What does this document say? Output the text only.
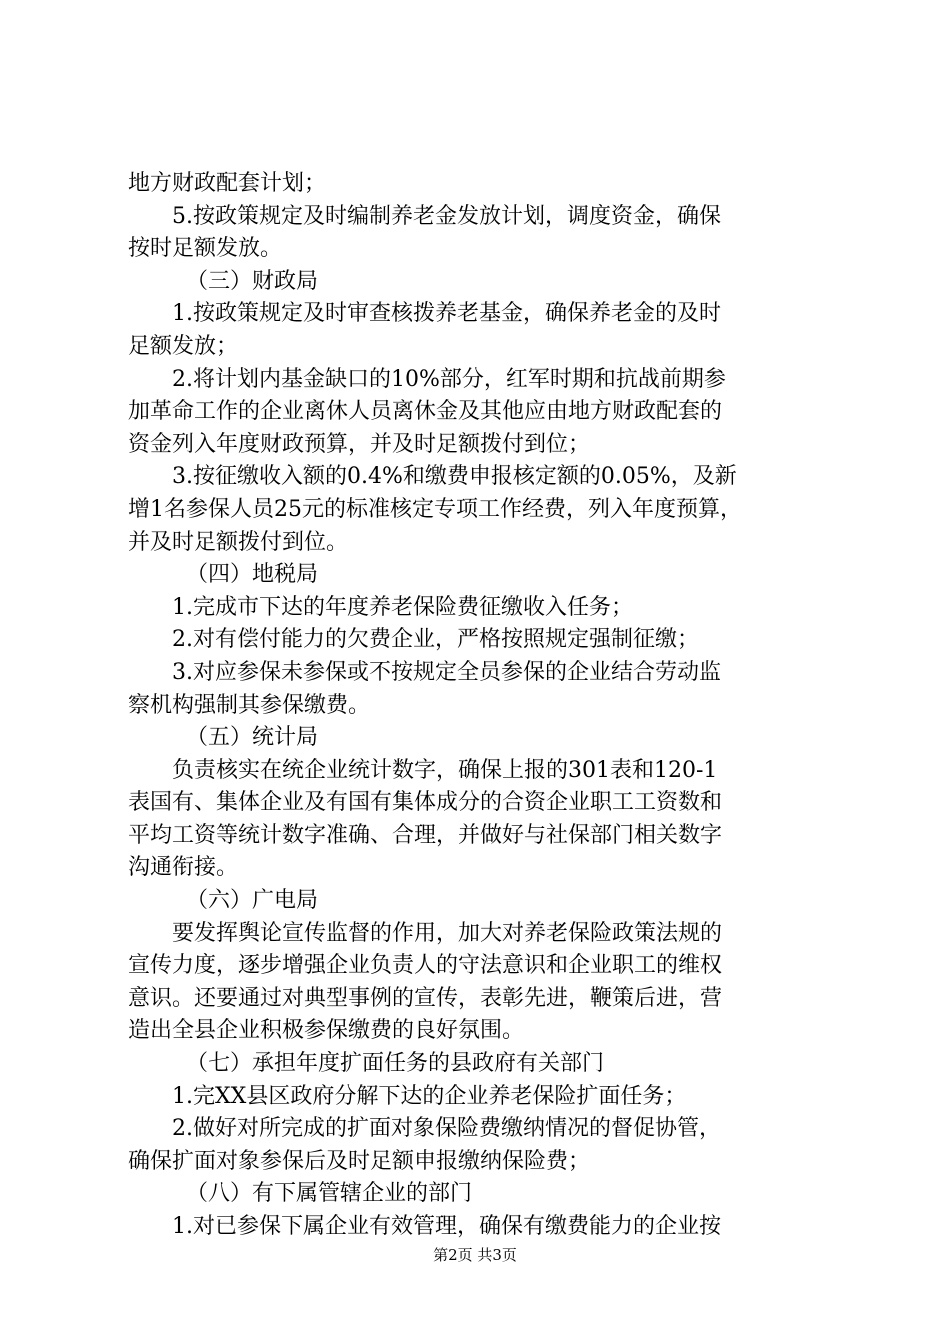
地方财政配套计划；
5.按政策规定及时编制养老金发放计划，调度资金，确保
按时足额发放。
（三）财政局
1.按政策规定及时审查核拨养老基金，确保养老金的及时
足额发放；
2.将计划内基金缺口的10%部分，红军时期和抗战前期参
加革命工作的企业离休人员离休金及其他应由地方财政配套的
资金列入年度财政预算，并及时足额拨付到位；
3.按征缴收入额的0.4%和缴费申报核定额的0.05%，及新
增1名参保人员25元的标准核定专项工作经费，列入年度预算，
并及时足额拨付到位。
（四）地税局
1.完成市下达的年度养老保险费征缴收入任务；
2.对有偿付能力的欠费企业，严格按照规定强制征缴；
3.对应参保未参保或不按规定全员参保的企业结合劳动监
察机构强制其参保缴费。
（五）统计局
负责核实在统企业统计数字，确保上报的301表和120-1
表国有、集体企业及有国有集体成分的合资企业职工工资数和
平均工资等统计数字准确、合理，并做好与社保部门相关数字
沟通衔接。
（六）广电局
要发挥舆论宣传监督的作用，加大对养老保险政策法规的
宣传力度，逐步增强企业负责人的守法意识和企业职工的维权
意识。还要通过对典型事例的宣传，表彰先进，鞭策后进，营
造出全县企业积极参保缴费的良好氛围。
（七）承担年度扩面任务的县政府有关部门
1.完XX县区政府分解下达的企业养老保险扩面任务；
2.做好对所完成的扩面对象保险费缴纳情况的督促协管，
确保扩面对象参保后及时足额申报缴纳保险费；
（八）有下属管辖企业的部门
1.对已参保下属企业有效管理，确保有缴费能力的企业按
第2页 共3页
